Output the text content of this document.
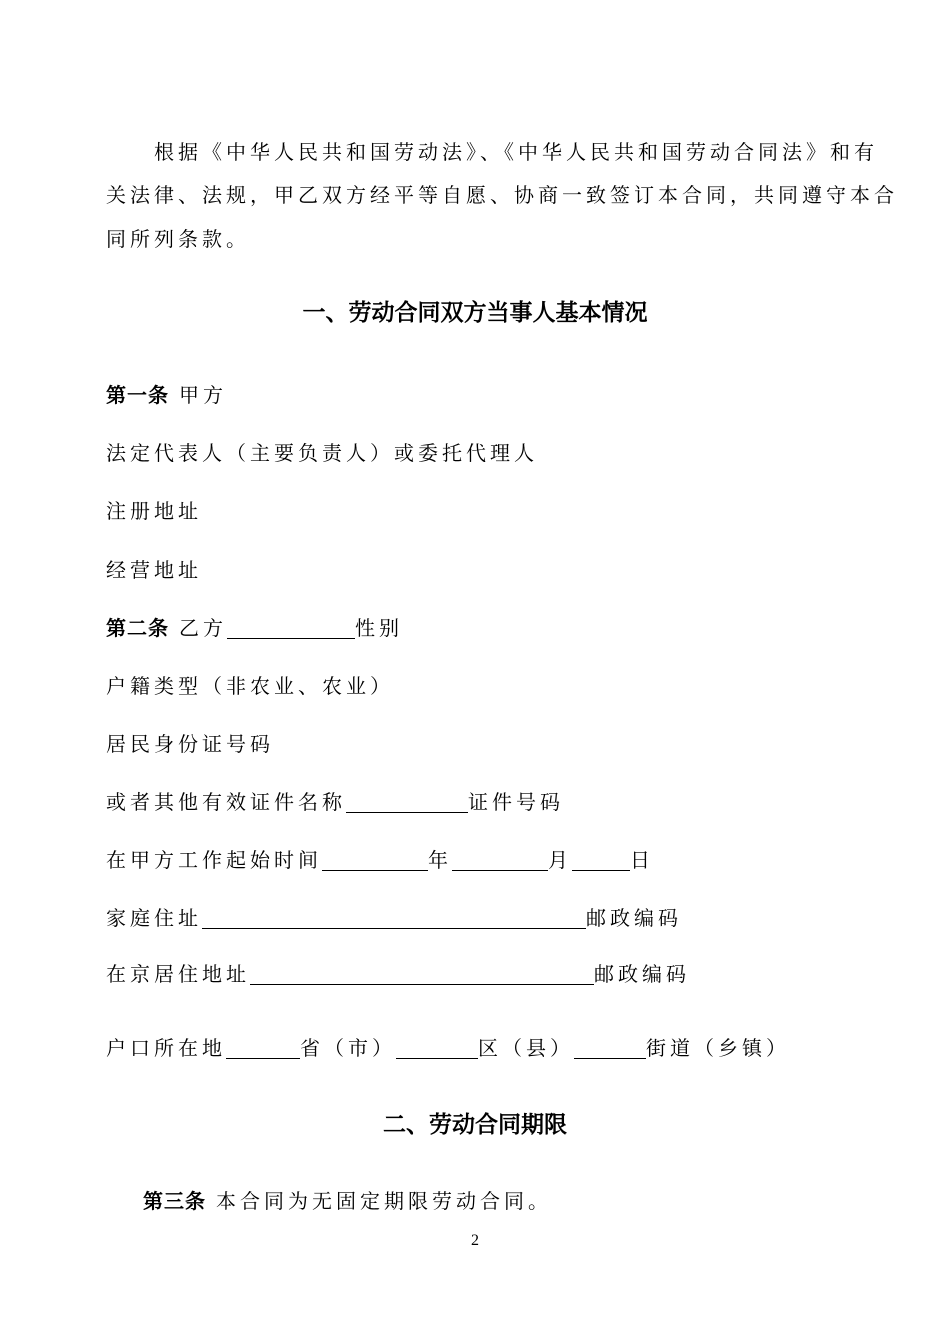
根据《中华人民共和国劳动法》、《中华人民共和国劳动合同法》和有
关法律、法规，甲乙双方经平等自愿、协商一致签订本合同，共同遵守本合
同所列条款。
一、劳动合同双方当事人基本情况
第一条 甲方
法定代表人（主要负责人）或委托代理人
注册地址
经营地址
第二条 乙方	性别
户籍类型（非农业、农业）
居民身份证号码
或者其他有效证件名称	证件号码
在甲方工作起始时间	年	月	日
家庭住址	邮政编码
在京居住地址	邮政编码
户口所在地	省（市）	区（县）	街道（乡镇）
二、劳动合同期限
第三条 本合同为无固定期限劳动合同。
2
